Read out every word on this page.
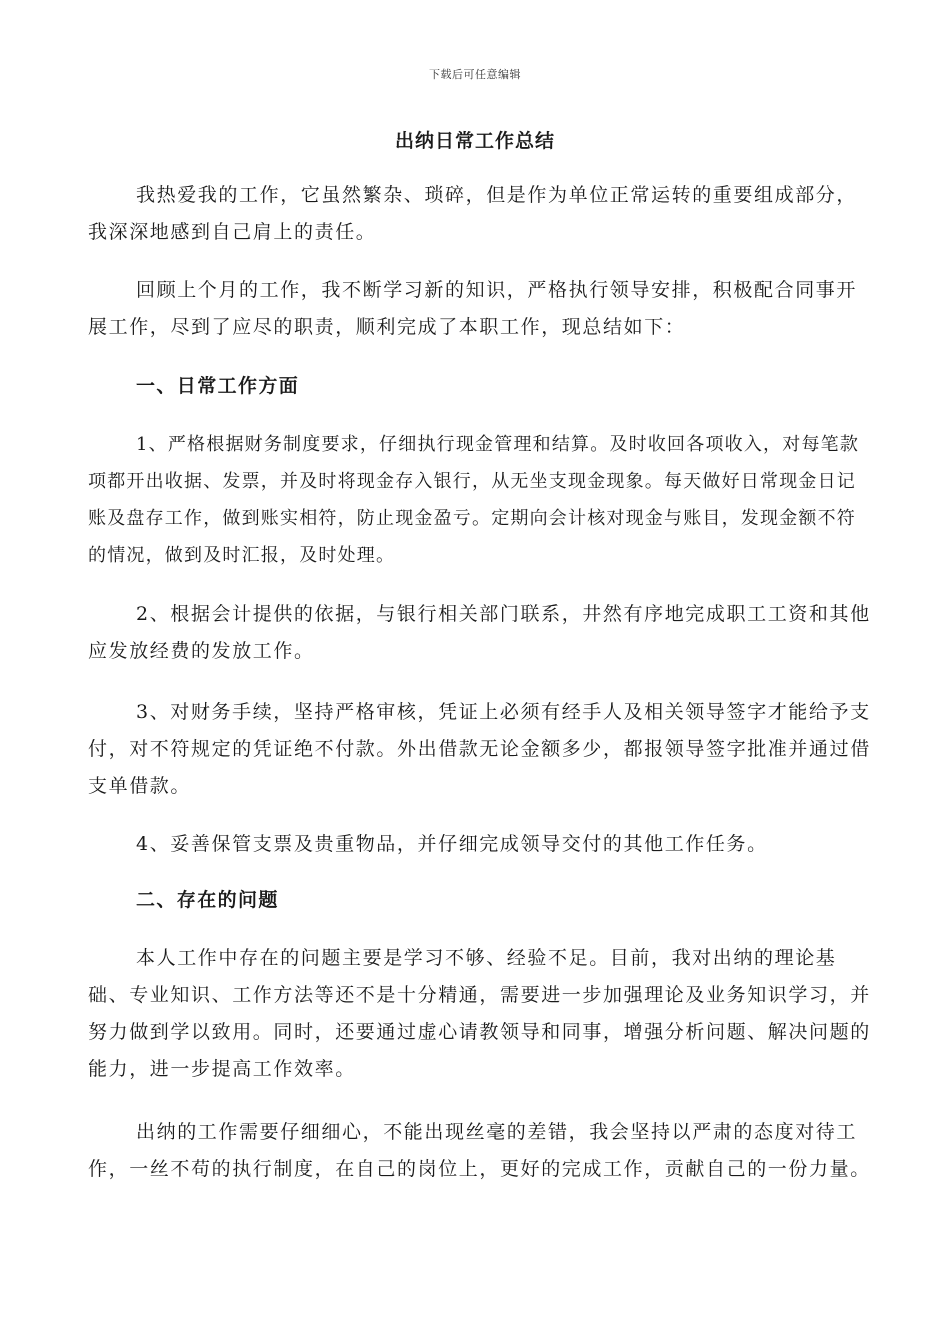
下载后可任意编辑
出纳日常工作总结

我热爱我的工作，它虽然繁杂、琐碎，但是作为单位正常运转的重要组成部分，我深深地感到自己肩上的责任。

回顾上个月的工作，我不断学习新的知识，严格执行领导安排，积极配合同事开展工作，尽到了应尽的职责，顺利完成了本职工作，现总结如下：

一、日常工作方面

1、严格根据财务制度要求，仔细执行现金管理和结算。及时收回各项收入，对每笔款项都开出收据、发票，并及时将现金存入银行，从无坐支现金现象。每天做好日常现金日记账及盘存工作，做到账实相符，防止现金盈亏。定期向会计核对现金与账目，发现金额不符的情况，做到及时汇报，及时处理。

2、根据会计提供的依据，与银行相关部门联系，井然有序地完成职工工资和其他应发放经费的发放工作。

3、对财务手续，坚持严格审核，凭证上必须有经手人及相关领导签字才能给予支付，对不符规定的凭证绝不付款。外出借款无论金额多少，都报领导签字批准并通过借支单借款。

4、妥善保管支票及贵重物品，并仔细完成领导交付的其他工作任务。

二、存在的问题

本人工作中存在的问题主要是学习不够、经验不足。目前，我对出纳的理论基础、专业知识、工作方法等还不是十分精通，需要进一步加强理论及业务知识学习，并努力做到学以致用。同时，还要通过虚心请教领导和同事，增强分析问题、解决问题的能力，进一步提高工作效率。

出纳的工作需要仔细细心，不能出现丝毫的差错，我会坚持以严肃的态度对待工作，一丝不苟的执行制度，在自己的岗位上，更好的完成工作，贡献自己的一份力量。
